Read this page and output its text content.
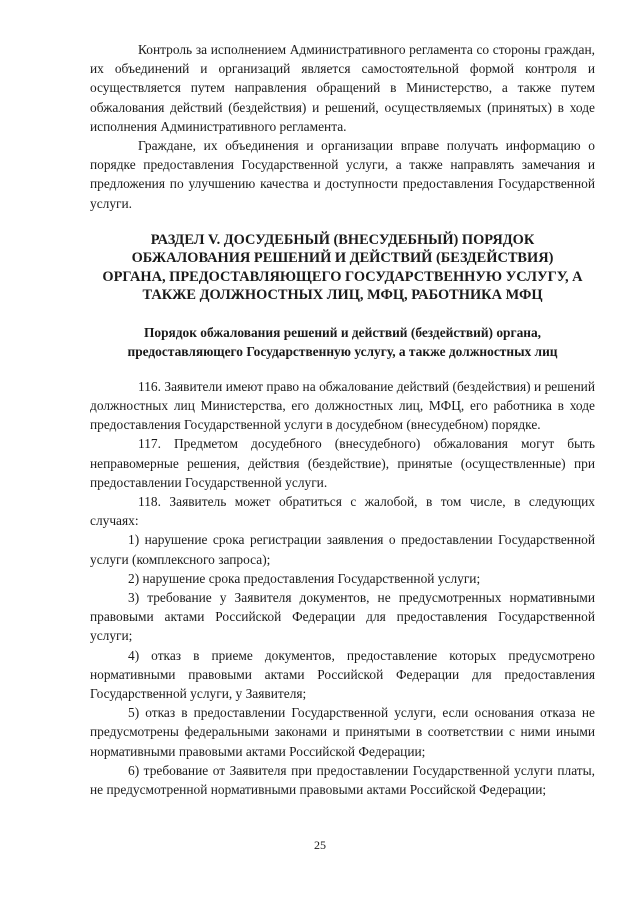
Контроль за исполнением Административного регламента со стороны граждан, их объединений и организаций является самостоятельной формой контроля и осуществляется путем направления обращений в Министерство, а также путем обжалования действий (бездействия) и решений, осуществляемых (принятых) в ходе исполнения Административного регламента.

Граждане, их объединения и организации вправе получать информацию о порядке предоставления Государственной услуги, а также направлять замечания и предложения по улучшению качества и доступности предоставления Государственной услуги.

РАЗДЕЛ V. ДОСУДЕБНЫЙ (ВНЕСУДЕБНЫЙ) ПОРЯДОК ОБЖАЛОВАНИЯ РЕШЕНИЙ И ДЕЙСТВИЙ (БЕЗДЕЙСТВИЯ) ОРГАНА, ПРЕДОСТАВЛЯЮЩЕГО ГОСУДАРСТВЕННУЮ УСЛУГУ, А ТАКЖЕ ДОЛЖНОСТНЫХ ЛИЦ, МФЦ, РАБОТНИКА МФЦ
Порядок обжалования решений и действий (бездействий) органа, предоставляющего Государственную услугу, а также должностных лиц

116. Заявители имеют право на обжалование действий (бездействия) и решений должностных лиц Министерства, его должностных лиц, МФЦ, его работника в ходе предоставления Государственной услуги в досудебном (внесудебном) порядке.

117. Предметом досудебного (внесудебного) обжалования могут быть неправомерные решения, действия (бездействие), принятые (осуществленные) при предоставлении Государственной услуги.

118. Заявитель может обратиться с жалобой, в том числе, в следующих случаях:

1) нарушение срока регистрации заявления о предоставлении Государственной услуги (комплексного запроса);

2) нарушение срока предоставления Государственной услуги;

3) требование у Заявителя документов, не предусмотренных нормативными правовыми актами Российской Федерации для предоставления Государственной услуги;

4) отказ в приеме документов, предоставление которых предусмотрено нормативными правовыми актами Российской Федерации для предоставления Государственной услуги, у Заявителя;

5) отказ в предоставлении Государственной услуги, если основания отказа не предусмотрены федеральными законами и принятыми в соответствии с ними иными нормативными правовыми актами Российской Федерации;

6) требование от Заявителя при предоставлении Государственной услуги платы, не предусмотренной нормативными правовыми актами Российской Федерации;

25
